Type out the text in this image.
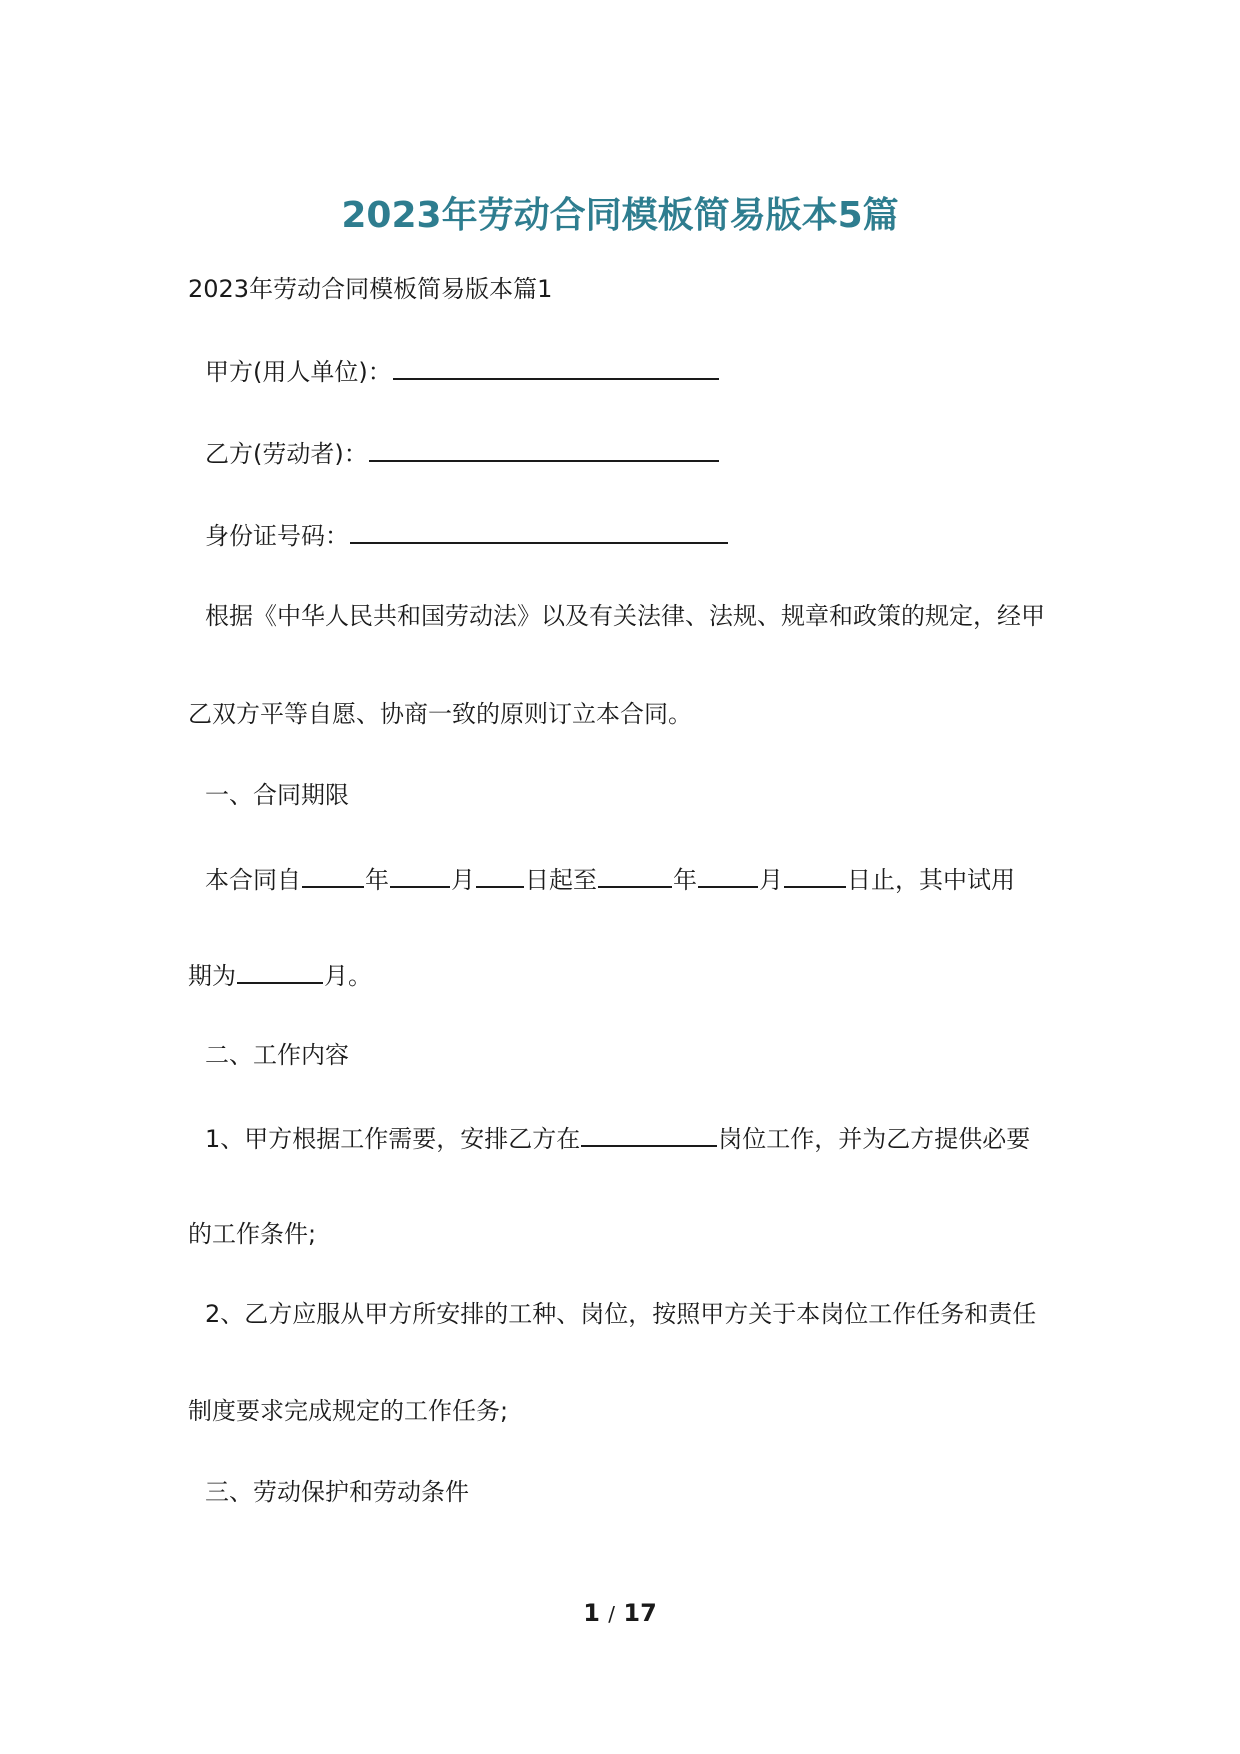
2023年劳动合同模板简易版本5篇
2023年劳动合同模板简易版本篇1
甲方(用人单位)：
乙方(劳动者)：
身份证号码：
根据《中华人民共和国劳动法》以及有关法律、法规、规章和政策的规定，经甲
乙双方平等自愿、协商一致的原则订立本合同。
一、合同期限
本合同自	年	月 日起至	年	月	日止，其中试用
期为	月。
二、工作内容
1、甲方根据工作需要，安排乙方在	岗位工作，并为乙方提供必要
的工作条件;
2、乙方应服从甲方所安排的工种、岗位，按照甲方关于本岗位工作任务和责任
制度要求完成规定的工作任务;
三、劳动保护和劳动条件
1 / 17
